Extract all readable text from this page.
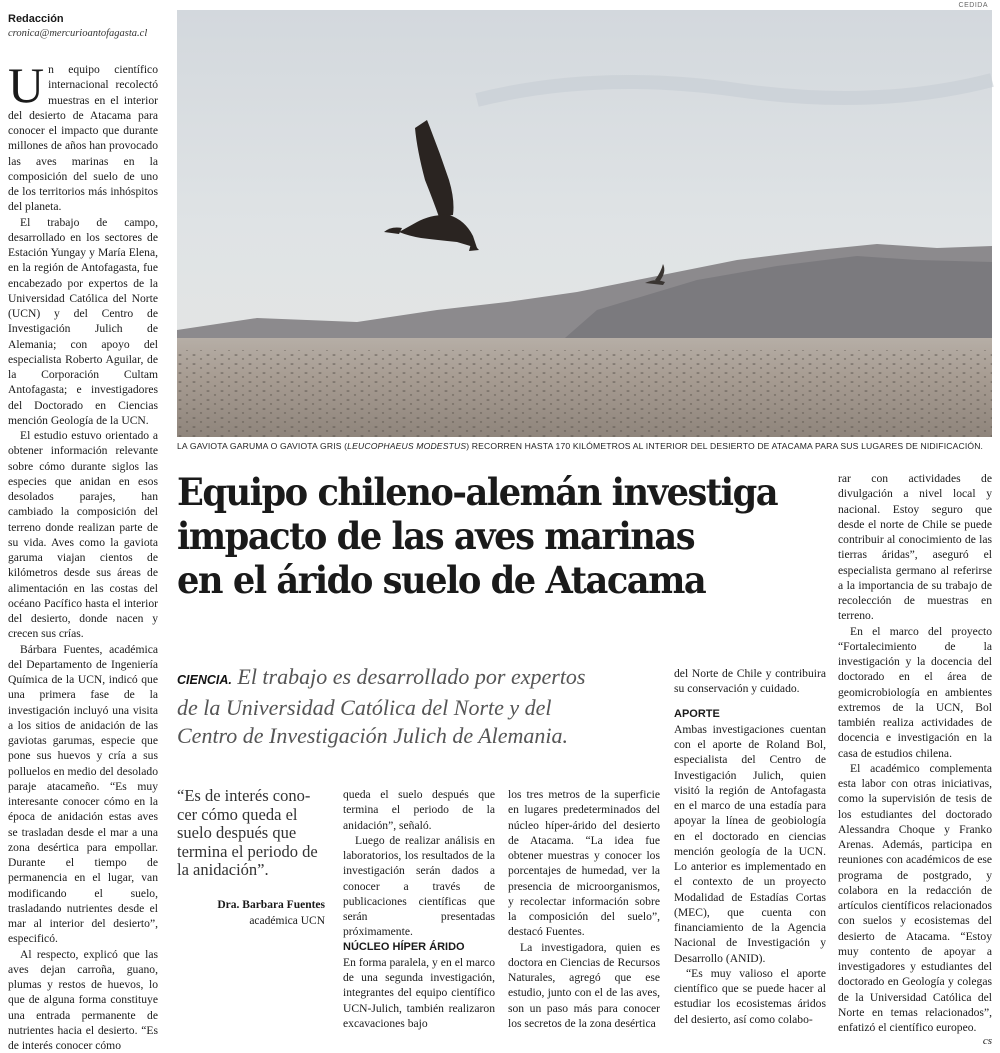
Redacción
cronica@mercurioantofagasta.cl

Un equipo científico internacional recolectó muestras en el interior del desierto de Atacama para conocer el impacto que durante millones de años han provocado las aves marinas en la composición del suelo de uno de los territorios más inhóspitos del planeta.

El trabajo de campo, desarrollado en los sectores de Estación Yungay y María Elena, en la región de Antofagasta, fue encabezado por expertos de la Universidad Católica del Norte (UCN) y del Centro de Investigación Julich de Alemania; con apoyo del especialista Roberto Aguilar, de la Corporación Cultam Antofagasta; e investigadores del Doctorado en Ciencias mención Geología de la UCN.

El estudio estuvo orientado a obtener información relevante sobre cómo durante siglos las especies que anidan en esos desolados parajes, han cambiado la composición del terreno donde realizan parte de su vida. Aves como la gaviota garuma viajan cientos de kilómetros desde sus áreas de alimentación en las costas del océano Pacífico hasta el interior del desierto, donde nacen y crecen sus crías.

Bárbara Fuentes, académica del Departamento de Ingeniería Química de la UCN, indicó que una primera fase de la investigación incluyó una visita a los sitios de anidación de las gaviotas garumas, especie que pone sus huevos y cría a sus polluelos en medio del desolado paraje atacameño. “Es muy interesante conocer cómo en la época de anidación estas aves se trasladan desde el mar a una zona desértica para empollar. Durante el tiempo de permanencia en el lugar, van modificando el suelo, trasladando nutrientes desde el mar al interior del desierto”, especificó.

Al respecto, explicó que las aves dejan carroña, guano, plumas y restos de huevos, lo que de alguna forma constituye una entrada permanente de nutrientes hacia el desierto. “Es de interés conocer cómo

CEDIDA
LA GAVIOTA GARUMA O GAVIOTA GRIS (LEUCOPHAEUS MODESTUS) RECORREN HASTA 170 KILÓMETROS AL INTERIOR DEL DESIERTO DE ATACAMA PARA SUS LUGARES DE NIDIFICACIÓN.
Equipo chileno-alemán investiga
impacto de las aves marinas
en el árido suelo de Atacama
CIENCIA. El trabajo es desarrollado por expertos
de la Universidad Católica del Norte y del
Centro de Investigación Julich de Alemania.
“Es de interés cono-
cer cómo queda el
suelo después que
termina el periodo de
la anidación”.
Dra. Barbara Fuentes
académica UCN

queda el suelo después que termina el periodo de la anidación”, señaló.

Luego de realizar análisis en laboratorios, los resultados de la investigación serán dados a conocer a través de publicaciones científicas que serán presentadas próximamente.

NÚCLEO HÍPER ÁRIDO

En forma paralela, y en el marco de una segunda investigación, integrantes del equipo científico UCN-Julich, también realizaron excavaciones bajo

los tres metros de la superficie en lugares predeterminados del núcleo híper-árido del desierto de Atacama. “La idea fue obtener muestras y conocer los porcentajes de humedad, ver la presencia de microorganismos, y recolectar información sobre la composición del suelo”, destacó Fuentes.

La investigadora, quien es doctora en Ciencias de Recursos Naturales, agregó que ese estudio, junto con el de las aves, son un paso más para conocer los secretos de la zona desértica

del Norte de Chile y contribuira su conservación y cuidado.

APORTE

Ambas investigaciones cuentan con el aporte de Roland Bol, especialista del Centro de Investigación Julich, quien visitó la región de Antofagasta en el marco de una estadía para apoyar la línea de geobiología en el doctorado en ciencias mención geología de la UCN. Lo anterior es implementado en el contexto de un proyecto Modalidad de Estadías Cortas (MEC), que cuenta con financiamiento de la Agencia Nacional de Investigación y Desarrollo (ANID).

“Es muy valioso el aporte científico que se puede hacer al estudiar los ecosistemas áridos del desierto, así como colabo-

rar con actividades de divulgación a nivel local y nacional. Estoy seguro que desde el norte de Chile se puede contribuir al conocimiento de las tierras áridas”, aseguró el especialista germano al referirse a la importancia de su trabajo de recolección de muestras en terreno.

En el marco del proyecto “Fortalecimiento de la investigación y la docencia del doctorado en el área de geomicrobiología en ambientes extremos de la UCN, Bol también realiza actividades de docencia e investigación en la casa de estudios chilena.

El académico complementa esta labor con otras iniciativas, como la supervisión de tesis de los estudiantes del doctorado Alessandra Choque y Franko Arenas. Además, participa en reuniones con académicos de ese programa de postgrado, y colabora en la redacción de artículos científicos relacionados con suelos y ecosistemas del desierto de Atacama. “Estoy muy contento de apoyar a investigadores y estudiantes del doctorado en Geología y colegas de la Universidad Católica del Norte en temas relacionados”, enfatizó el científico europeo.

cs
